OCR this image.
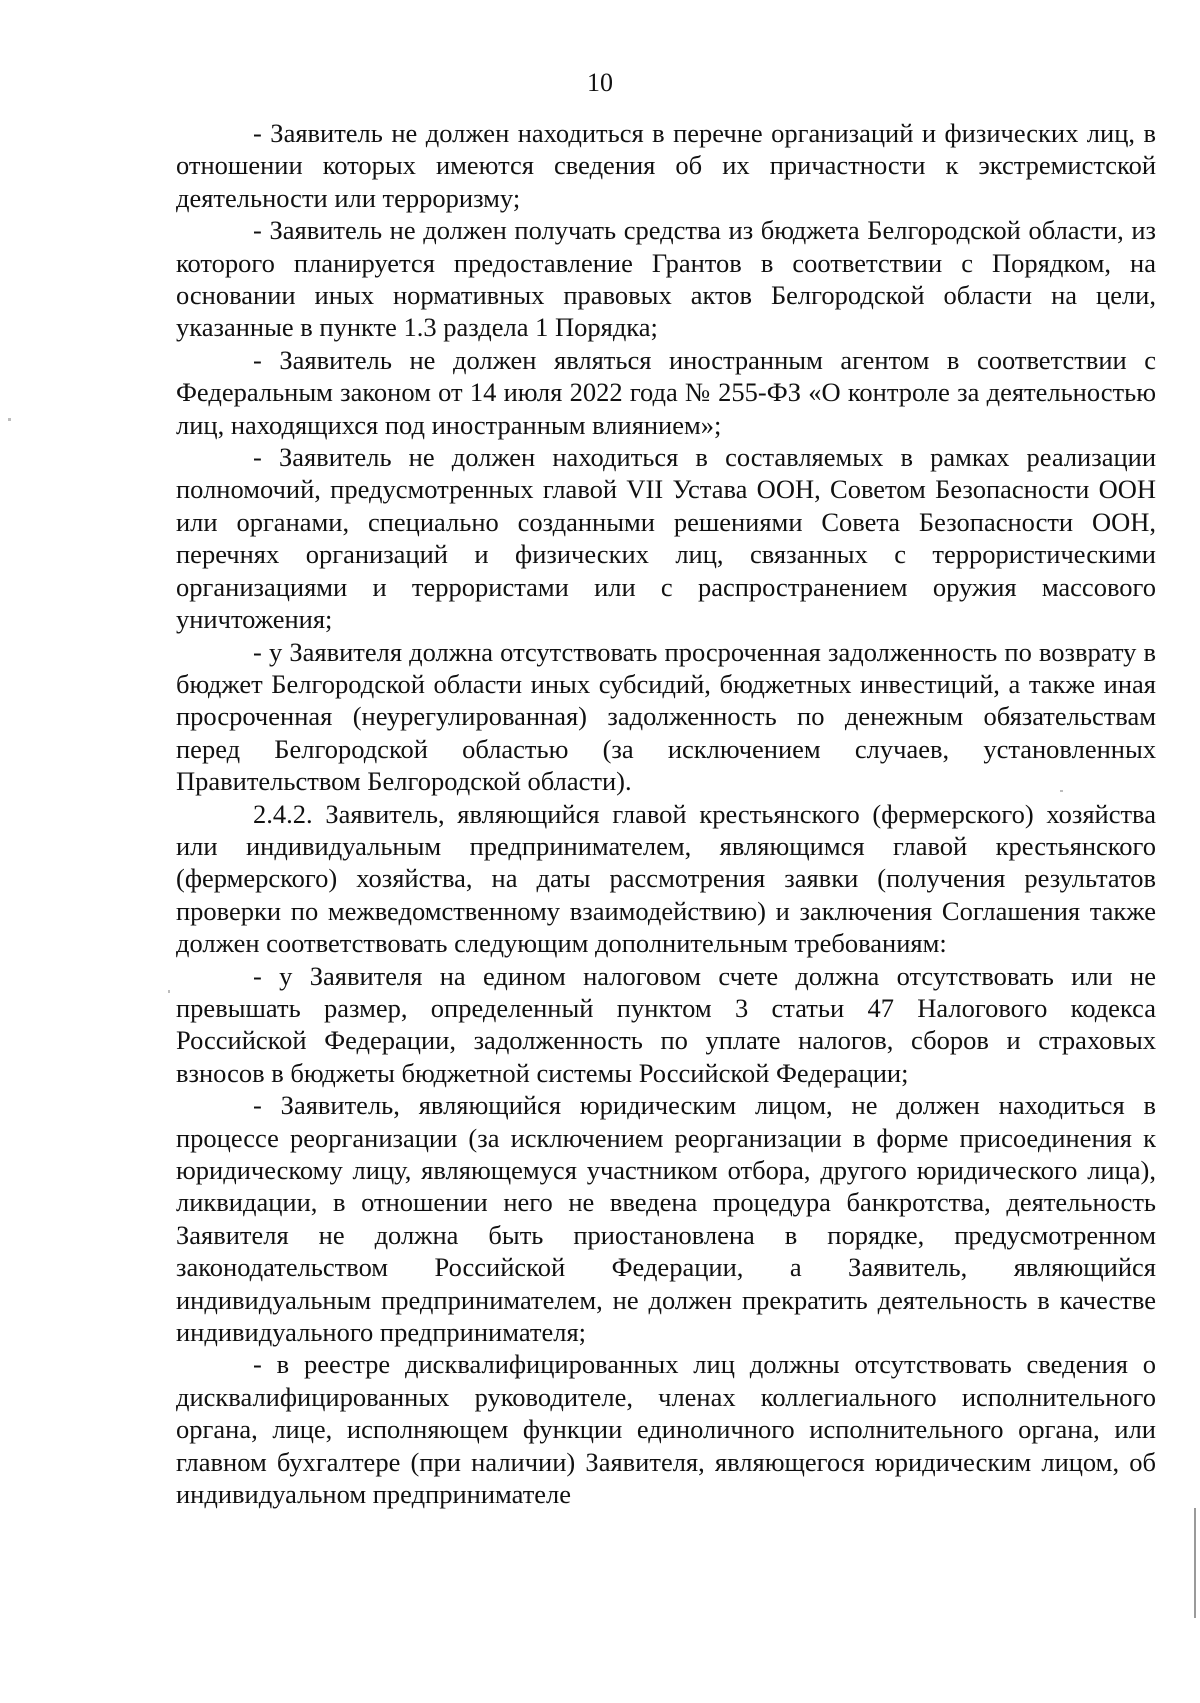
10

- Заявитель не должен находиться в перечне организаций и физических лиц, в отношении которых имеются сведения об их причастности к экстремистской деятельности или терроризму;

- Заявитель не должен получать средства из бюджета Белгородской области, из которого планируется предоставление Грантов в соответствии с Порядком, на основании иных нормативных правовых актов Белгородской области на цели, указанные в пункте 1.3 раздела 1 Порядка;

- Заявитель не должен являться иностранным агентом в соответствии с Федеральным законом от 14 июля 2022 года № 255-ФЗ «О контроле за деятельностью лиц, находящихся под иностранным влиянием»;

- Заявитель не должен находиться в составляемых в рамках реализации полномочий, предусмотренных главой VII Устава ООН, Советом Безопасности ООН или органами, специально созданными решениями Совета Безопасности ООН, перечнях организаций и физических лиц, связанных с террористическими организациями и террористами или с распространением оружия массового уничтожения;

- у Заявителя должна отсутствовать просроченная задолженность по возврату в бюджет Белгородской области иных субсидий, бюджетных инвестиций, а также иная просроченная (неурегулированная) задолженность по денежным обязательствам перед Белгородской областью (за исключением случаев, установленных Правительством Белгородской области).

2.4.2. Заявитель, являющийся главой крестьянского (фермерского) хозяйства или индивидуальным предпринимателем, являющимся главой крестьянского (фермерского) хозяйства, на даты рассмотрения заявки (получения результатов проверки по межведомственному взаимодействию) и заключения Соглашения также должен соответствовать следующим дополнительным требованиям:

- у Заявителя на едином налоговом счете должна отсутствовать или не превышать размер, определенный пунктом 3 статьи 47 Налогового кодекса Российской Федерации, задолженность по уплате налогов, сборов и страховых взносов в бюджеты бюджетной системы Российской Федерации;

- Заявитель, являющийся юридическим лицом, не должен находиться в процессе реорганизации (за исключением реорганизации в форме присоединения к юридическому лицу, являющемуся участником отбора, другого юридического лица), ликвидации, в отношении него не введена процедура банкротства, деятельность Заявителя не должна быть приостановлена в порядке, предусмотренном законодательством Российской Федерации, а Заявитель, являющийся индивидуальным предпринимателем, не должен прекратить деятельность в качестве индивидуального предпринимателя;

- в реестре дисквалифицированных лиц должны отсутствовать сведения о дисквалифицированных руководителе, членах коллегиального исполнительного органа, лице, исполняющем функции единоличного исполнительного органа, или главном бухгалтере (при наличии) Заявителя, являющегося юридическим лицом, об индивидуальном предпринимателе
